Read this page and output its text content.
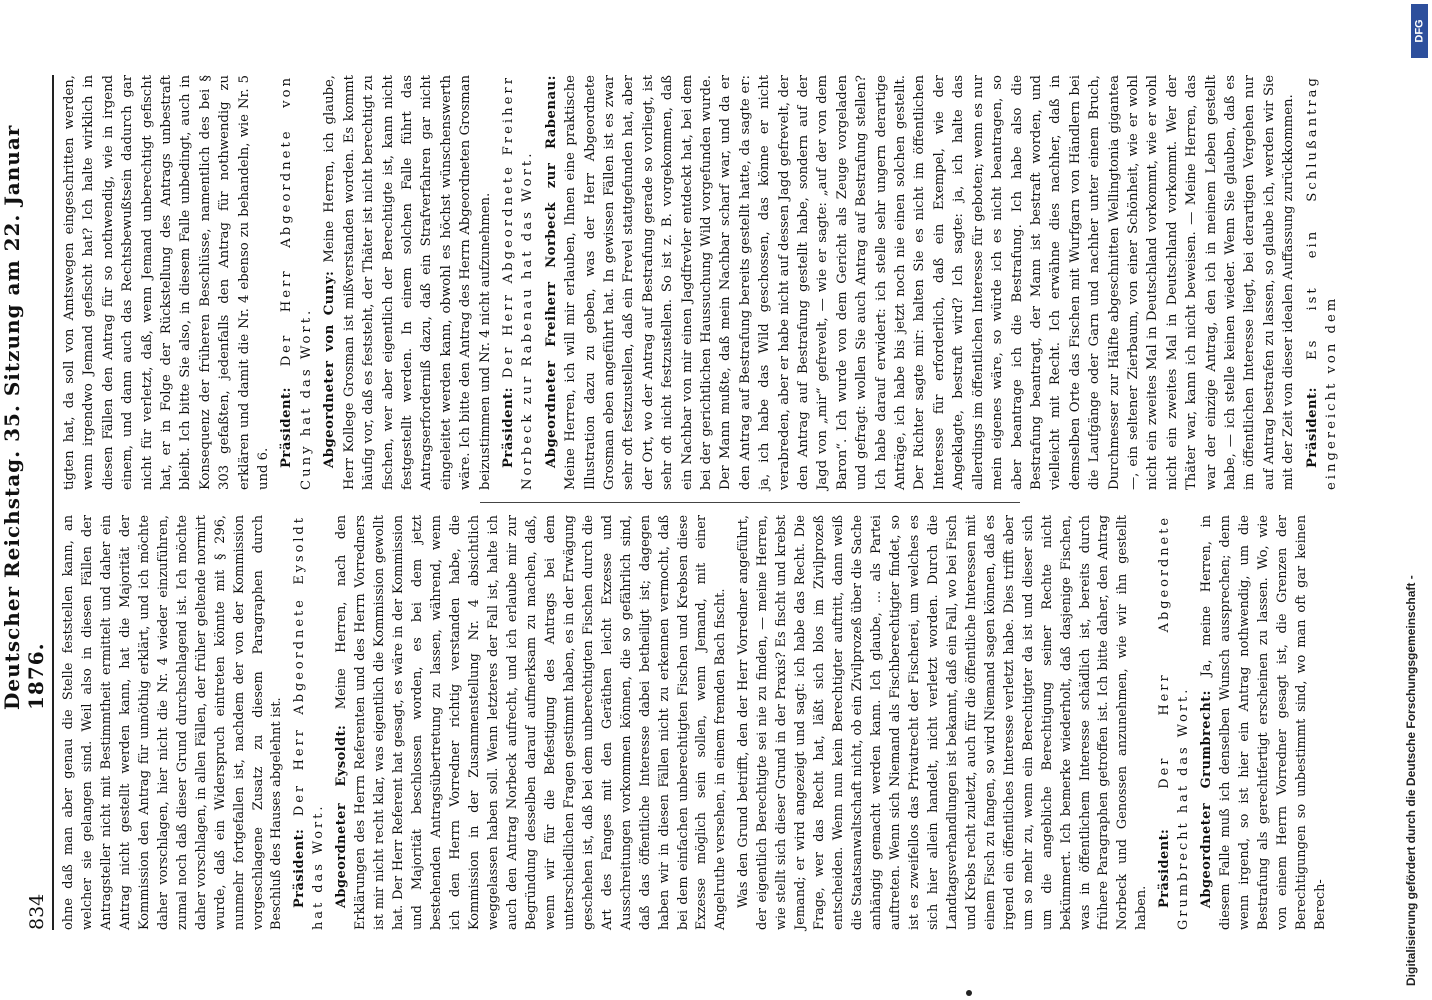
834
Deutscher Reichstag. 35. Sitzung am 22. Januar 1876. ohne daß man aber genau die Stelle feststellen kann, an welcher sie gelangen sind. Weil also in diesen Fällen der Antragsteller nicht mit Bestimmtheit ermittelt und daher ein Antrag nicht gestellt werden kann, hat die Majorität der Kommission den Antrag für unnöthig erklärt, und ich möchte daher vorschlagen, hier nicht die Nr. 4 wieder einzuführen, zumal noch daß dieser Grund durchschlagend ist. Ich möchte daher vorschlagen, in allen Fällen, der früher geltende normirt wurde, daß ein Widerspruch eintreten könnte mit § 296, nunmehr fortgefallen ist, nachdem der von der Kommission vorgeschlagene Zusatz zu diesem Paragraphen durch Beschluß des Hauses abgelehnt ist. Präsident: Der Herr Abgeordnete Eysoldt hat das Wort. Abgeordneter Eysoldt: Meine Herren, nach den Erklärungen des Herrn Referenten und des Herrn Vorredners ist mir nicht recht klar, was eigentlich die Kommission gewollt hat. Der Herr Referent hat gesagt, es wäre in der Kommission und Majorität beschlossen worden, es bei dem jetzt bestehenden Antragsübertretung zu lassen, während, wenn ich den Herrn Vorredner richtig verstanden habe, die Kommission in der Zusammenstellung Nr. 4 absichtlich weggelassen haben soll. Wenn letzteres der Fall ist, halte ich auch den Antrag Norbeck aufrecht, und ich erlaube mir zur Begründung desselben darauf aufmerksam zu machen, daß, wenn wir für die Befestigung des Antrags bei dem unterschiedlichen Fragen gestimmt haben, es in der Erwägung geschehen ist, daß bei dem unberechtigten Fischen durch die Art des Fanges mit den Geräthen leicht Exzesse und Ausschreitungen vorkommen können, die so gefährlich sind, daß das öffentliche Interesse dabei betheiligt ist; dagegen haben wir in diesen Fällen nicht zu erkennen vermocht, daß bei dem einfachen unberechtigten Fischen und Krebsen diese Exzesse möglich sein sollen, wenn Jemand, mit einer Angelruthe versehen, in einem fremden Bach fischt. Was den Grund betrifft, den der Herr Vorredner angeführt, der eigentlich Berechtigte sei nie zu finden, — meine Herren, wie stellt sich dieser Grund in der Praxis? Es fischt und krebst Jemand; er wird angezeigt und sagt: ich habe das Recht. Die Frage, wer das Recht hat, läßt sich blos im Zivilprozeß entscheiden. Wenn nun kein Berechtigter auftritt, dann weiß die Staatsanwaltschaft nicht, ob ein Zivilprozeß über die Sache anhängig gemacht werden kann. Ich glaube, ... als Partei auftreten. Wenn sich Niemand als Fischberechtigter findet, so ist es zweifellos das Privatrecht der Fischerei, um welches es sich hier allein handelt, nicht verletzt worden. Durch die Landtagsverhandlungen ist bekannt, daß ein Fall, wo bei Fisch und Krebs recht zuletzt, auch für die öffentliche Interessen mit einem Fisch zu fangen, so wird Niemand sagen können, daß es irgend ein öffentliches Interesse verletzt habe. Dies trifft aber um so mehr zu, wenn ein Berechtigter da ist und dieser sich um die angebliche Berechtigung seiner Rechte nicht bekümmert. Ich bemerke wiederholt, daß dasjenige Fischen, was in öffentlichem Interesse schädlich ist, bereits durch frühere Paragraphen getroffen ist. Ich bitte daher, den Antrag Norbeck und Genossen anzunehmen, wie wir ihn gestellt haben. Präsident: Der Herr Abgeordnete Grumbrecht hat das Wort. Abgeordneter Grumbrecht: Ja, meine Herren, in diesem Falle muß ich denselben Wunsch aussprechen; denn wenn irgend, so ist hier ein Antrag nothwendig, um die Bestrafung als gerechtfertigt erscheinen zu lassen. Wo, wie von einem Herrn Vorredner gesagt ist, die Grenzen der Berechtigungen so unbestimmt sind, wo man oft gar keinen Berech-

tigten hat, da soll von Amtswegen eingeschritten werden, wenn irgendwo Jemand gefischt hat? Ich halte wirklich in diesen Fällen den Antrag für so nothwendig, wie in irgend einem, und dann auch das Rechtsbewußtsein dadurch gar nicht für verletzt, daß, wenn Jemand unberechtigt gefischt hat, er in Folge der Rückstellung des Antrags unbestraft bleibt. Ich bitte Sie also, in diesem Falle unbedingt, auch in Konsequenz der früheren Beschlüsse, namentlich des bei § 303 gefaßten, jedenfalls den Antrag für nothwendig zu erklären und damit die Nr. 4 ebenso zu behandeln, wie Nr. 5 und 6.

Präsident: Der Herr Abgeordnete von Cuny hat das Wort. Abgeordneter von Cuny: Meine Herren, ich glaube, Herr Kollege Grosman ist mißverstanden worden. Es kommt häufig vor, daß es feststeht, der Thäter ist nicht berechtigt zu fischen, wer aber eigentlich der Berechtigte ist, kann nicht festgestellt werden. In einem solchen Falle führt das Antragserforderniß dazu, daß ein Strafverfahren gar nicht eingeleitet werden kann, obwohl es höchst wünschenswerth wäre. Ich bitte den Antrag des Herrn Abgeordneten Grosman beizustimmen und Nr. 4 nicht aufzunehmen. Präsident: Der Herr Abgeordnete Freiherr Norbeck zur Rabenau hat das Wort. Abgeordneter Freiherr Norbeck zur Rabenau: Meine Herren, ich will mir erlauben, Ihnen eine praktische Illustration dazu zu geben, was der Herr Abgeordnete Grosman eben angeführt hat. In gewissen Fällen ist es zwar sehr oft festzustellen, daß ein Frevel stattgefunden hat, aber der Ort, wo der Antrag auf Bestrafung gerade so vorliegt, ist sehr oft nicht festzustellen. So ist z. B. vorgekommen, daß ein Nachbar von mir einen Jagdfrevler entdeckt hat, bei dem bei der gerichtlichen Haussuchung Wild vorgefunden wurde. Der Mann mußte, daß mein Nachbar scharf war, und da er den Antrag auf Bestrafung bereits gestellt hatte, da sagte er: ja, ich habe das Wild geschossen, das könne er nicht verabreden, aber er habe nicht auf dessen Jagd gefrevelt, der den Antrag auf Bestrafung gestellt habe, sondern auf der Jagd von „mir“ gefrevelt, — wie er sagte: „auf der von dem Baron“. Ich wurde von dem Gericht als Zeuge vorgeladen und gefragt: wollen Sie auch Antrag auf Bestrafung stellen? Ich habe darauf erwidert: ich stelle sehr ungern derartige Anträge, ich habe bis jetzt noch nie einen solchen gestellt. Der Richter sagte mir: halten Sie es nicht im öffentlichen Interesse für erforderlich, daß ein Exempel, wie der Angeklagte, bestraft wird? Ich sagte: ja, ich halte das allerdings im öffentlichen Interesse für geboten; wenn es nur mein eigenes wäre, so würde ich es nicht beantragen, so aber beantrage ich die Bestrafung. Ich habe also die Bestrafung beantragt, der Mann ist bestraft worden, und vielleicht mit Recht. Ich erwähne dies nachher, daß in demselben Orte das Fischen mit Wurfgarn von Händlern bei die Laufgänge oder Garn und nachher unter einem Bruch, Durchmesser zur Hälfte abgeschnitten Wellingtonia gigantea —, ein seltener Zierbaum, von einer Schönheit, wie er wohl nicht ein zweites Mal in Deutschland vorkommt, wie er wohl nicht ein zweites Mal in Deutschland vorkommt. Wer der Thäter war, kann ich nicht beweisen. — Meine Herren, das war der einzige Antrag, den ich in meinem Leben gestellt habe, — ich stelle keinen wieder. Wenn Sie glauben, daß es im öffentlichen Interesse liegt, bei derartigen Vergehen nur auf Antrag bestrafen zu lassen, so glaube ich, werden wir Sie mit der Zeit von dieser idealen Auffassung zurückkommen. Präsident: Es ist ein Schlußantrag eingereicht von dem

Digitalisierung gefördert durch die Deutsche Forschungsgemeinschaft -
DFG
